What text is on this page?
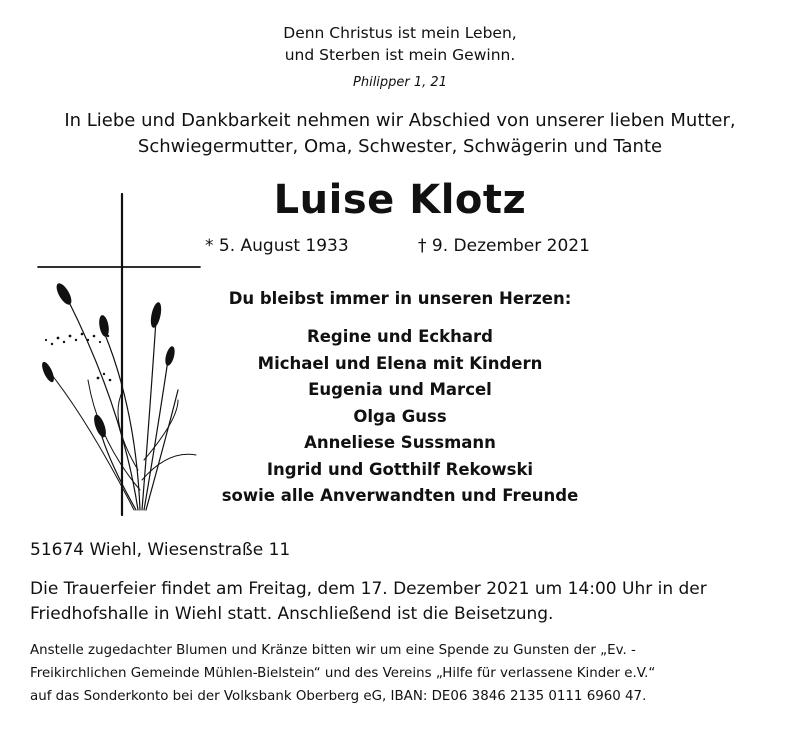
Denn Christus ist mein Leben,
und Sterben ist mein Gewinn.
Philipper 1, 21
In Liebe und Dankbarkeit nehmen wir Abschied von unserer lieben Mutter,
Schwiegermutter, Oma, Schwester, Schwägerin und Tante
Luise Klotz
* 5. August 1933	† 9. Dezember 2021
Du bleibst immer in unseren Herzen:
Regine und Eckhard
Michael und Elena mit Kindern
Eugenia und Marcel
Olga Guss
Anneliese Sussmann
Ingrid und Gotthilf Rekowski
sowie alle Anverwandten und Freunde
51674 Wiehl, Wiesenstraße 11
Die Trauerfeier findet am Freitag, dem 17. Dezember 2021 um 14:00 Uhr in der
Friedhofshalle in Wiehl statt. Anschließend ist die Beisetzung.
Anstelle zugedachter Blumen und Kränze bitten wir um eine Spende zu Gunsten der „Ev. -
Freikirchlichen Gemeinde Mühlen-Bielstein“ und des Vereins „Hilfe für verlassene Kinder e.V.“
auf das Sonderkonto bei der Volksbank Oberberg eG, IBAN: DE06 3846 2135 0111 6960 47.
